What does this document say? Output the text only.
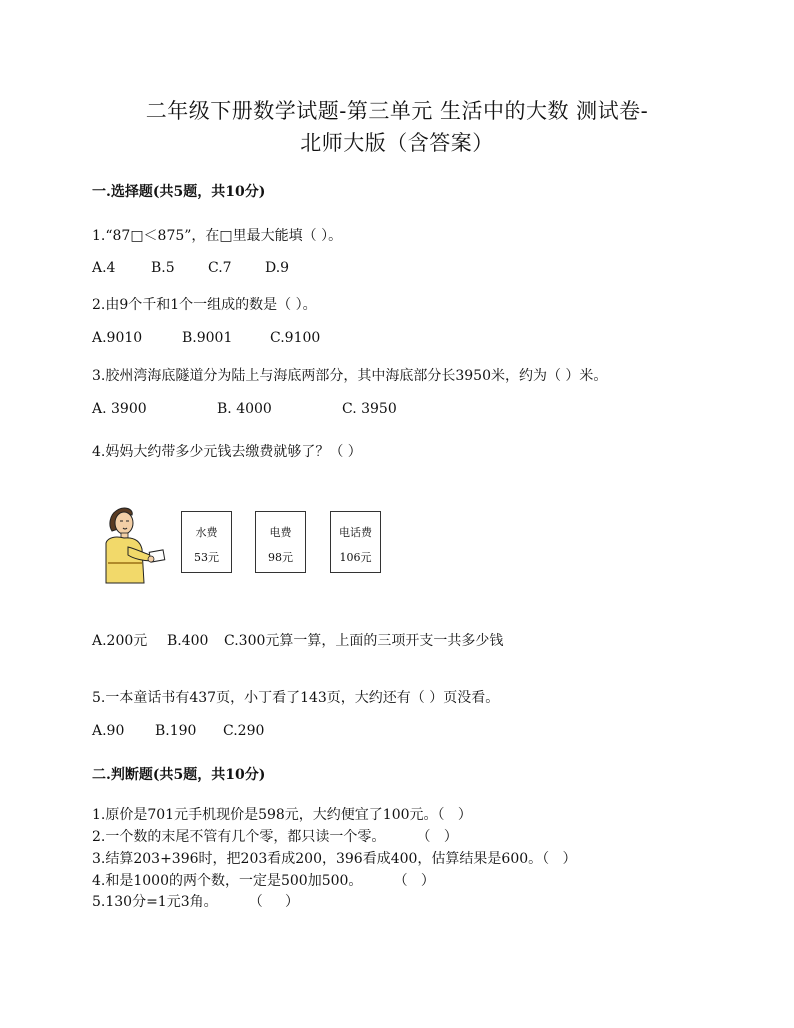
二年级下册数学试题-第三单元 生活中的大数 测试卷-
北师大版（含答案）
一.选择题(共5题，共10分)
1.“87□＜875”，在□里最大能填（ ）。
A.4	B.5 C.7 D.9
2.由9个千和1个一组成的数是（ ）。
A.9010	B.9001	C.9100
3.胶州湾海底隧道分为陆上与海底两部分，其中海底部分长3950米，约为（ ）米。
A. 3900	B. 4000	C. 3950
4.妈妈大约带多少元钱去缴费就够了？（ ）
水费
53元
电费
98元
电话费
106元
A.200元 B.400 C.300元算一算，上面的三项开支一共多少钱
5.一本童话书有437页，小丁看了143页，大约还有（ ）页没看。
A.90 B.190 C.290
二.判断题(共5题，共10分)
1.原价是701元手机现价是598元，大约便宜了100元。（   ）
2.一个数的末尾不管有几个零，都只读一个零。       （   ）
3.结算203+396时，把203看成200，396看成400，估算结果是600。（   ）
4.和是1000的两个数，一定是500加500。       （   ）
5.130分=1元3角。       （     ）
